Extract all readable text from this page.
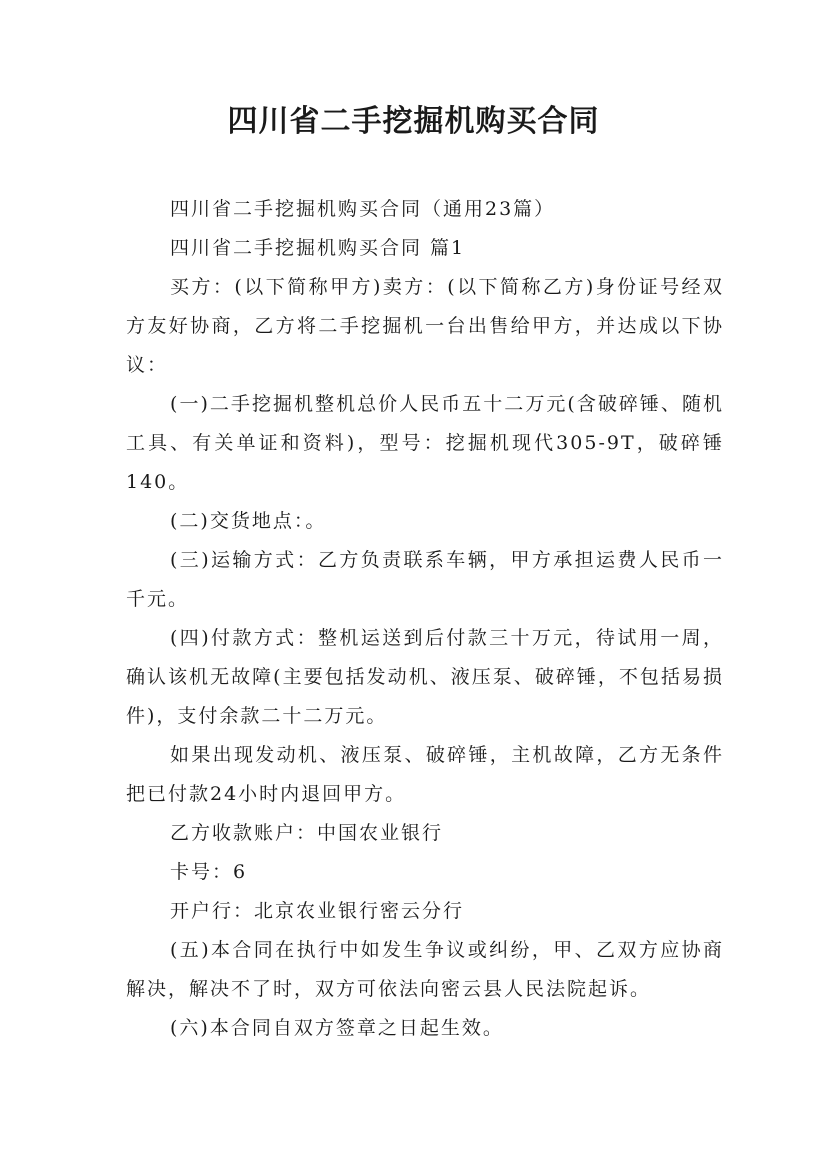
四川省二手挖掘机购买合同

四川省二手挖掘机购买合同（通用23篇）

四川省二手挖掘机购买合同 篇1

买方：(以下简称甲方)卖方：(以下简称乙方)身份证号经双方友好协商，乙方将二手挖掘机一台出售给甲方，并达成以下协议：

(一)二手挖掘机整机总价人民币五十二万元(含破碎锤、随机工具、有关单证和资料)，型号：挖掘机现代305-9T，破碎锤140。

(二)交货地点：。

(三)运输方式：乙方负责联系车辆，甲方承担运费人民币一千元。

(四)付款方式：整机运送到后付款三十万元，待试用一周，确认该机无故障(主要包括发动机、液压泵、破碎锤，不包括易损件)，支付余款二十二万元。

如果出现发动机、液压泵、破碎锤，主机故障，乙方无条件把已付款24小时内退回甲方。

乙方收款账户：中国农业银行

卡号：6

开户行：北京农业银行密云分行

(五)本合同在执行中如发生争议或纠纷，甲、乙双方应协商解决，解决不了时，双方可依法向密云县人民法院起诉。

(六)本合同自双方签章之日起生效。
